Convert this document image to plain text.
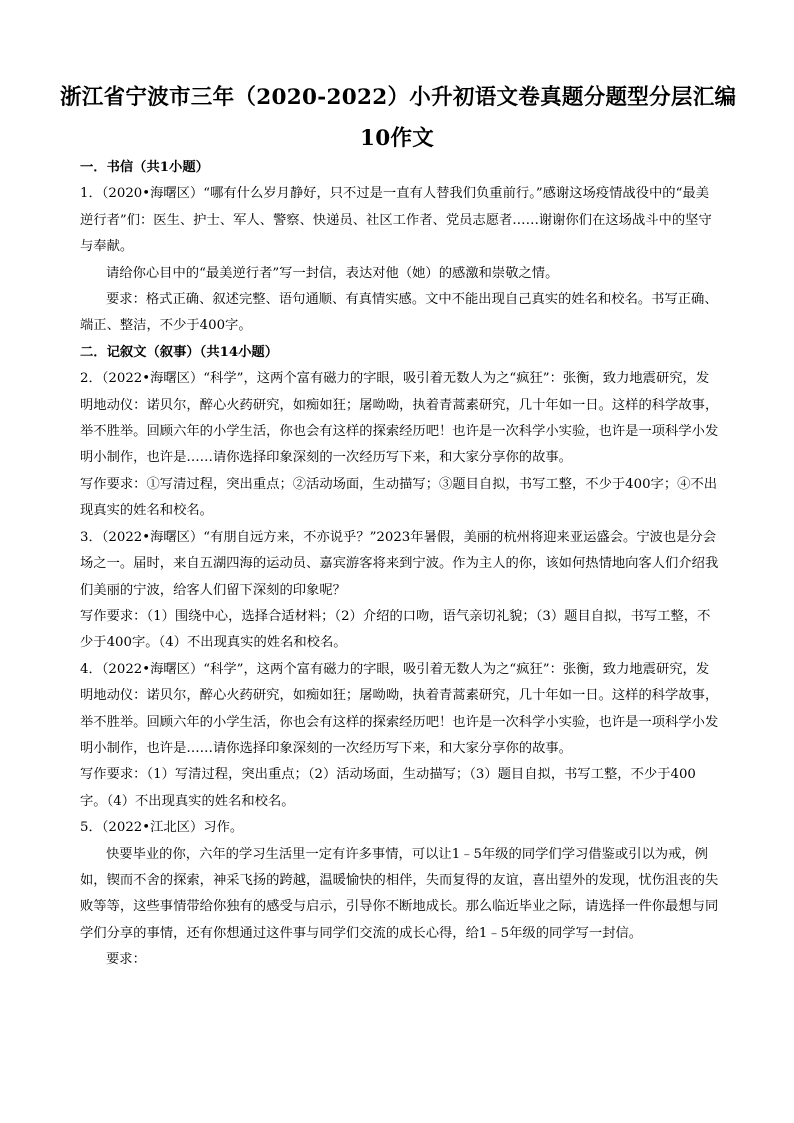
浙江省宁波市三年（2020-2022）小升初语文卷真题分题型分层汇编
10作文

一．书信（共1小题）

1．（2020•海曙区）“哪有什么岁月静好，只不过是一直有人替我们负重前行。”感谢这场疫情战役中的“最美逆行者”们：医生、护士、军人、警察、快递员、社区工作者、党员志愿者……谢谢你们在这场战斗中的坚守与奉献。

请给你心目中的“最美逆行者”写一封信，表达对他（她）的感激和崇敬之情。

要求：格式正确、叙述完整、语句通顺、有真情实感。文中不能出现自己真实的姓名和校名。书写正确、端正、整洁，不少于400字。

二．记叙文（叙事）（共14小题）

2．（2022•海曙区）“科学”，这两个富有磁力的字眼，吸引着无数人为之“疯狂”：张衡，致力地震研究，发明地动仪：诺贝尔，醉心火药研究，如痴如狂；屠呦呦，执着青蒿素研究，几十年如一日。这样的科学故事，举不胜举。回顾六年的小学生活，你也会有这样的探索经历吧！也许是一次科学小实验，也许是一项科学小发明小制作，也许是……请你选择印象深刻的一次经历写下来，和大家分享你的故事。

写作要求：①写清过程，突出重点；②活动场面，生动描写；③题目自拟，书写工整，不少于400字；④不出现真实的姓名和校名。

3．（2022•海曙区）“有朋自远方来，不亦说乎？”2023年暑假，美丽的杭州将迎来亚运盛会。宁波也是分会场之一。届时，来自五湖四海的运动员、嘉宾游客将来到宁波。作为主人的你，该如何热情地向客人们介绍我们美丽的宁波，给客人们留下深刻的印象呢？

写作要求：（1）围绕中心，选择合适材料；（2）介绍的口吻，语气亲切礼貌；（3）题目自拟，书写工整，不少于400字。（4）不出现真实的姓名和校名。

4．（2022•海曙区）“科学”，这两个富有磁力的字眼，吸引着无数人为之“疯狂”：张衡，致力地震研究，发明地动仪：诺贝尔，醉心火药研究，如痴如狂；屠呦呦，执着青蒿素研究，几十年如一日。这样的科学故事，举不胜举。回顾六年的小学生活，你也会有这样的探索经历吧！也许是一次科学小实验，也许是一项科学小发明小制作，也许是……请你选择印象深刻的一次经历写下来，和大家分享你的故事。

写作要求：（1）写清过程，突出重点；（2）活动场面，生动描写；（3）题目自拟，书写工整，不少于400字。（4）不出现真实的姓名和校名。

5．（2022•江北区）习作。

快要毕业的你，六年的学习生活里一定有许多事情，可以让1﹣5年级的同学们学习借鉴或引以为戒，例如，锲而不舍的探索，神采飞扬的跨越，温暖愉快的相伴，失而复得的友谊，喜出望外的发现，忧伤沮丧的失败等等，这些事情带给你独有的感受与启示，引导你不断地成长。那么临近毕业之际，请选择一件你最想与同学们分享的事情，还有你想通过这件事与同学们交流的成长心得，给1﹣5年级的同学写一封信。

要求：
